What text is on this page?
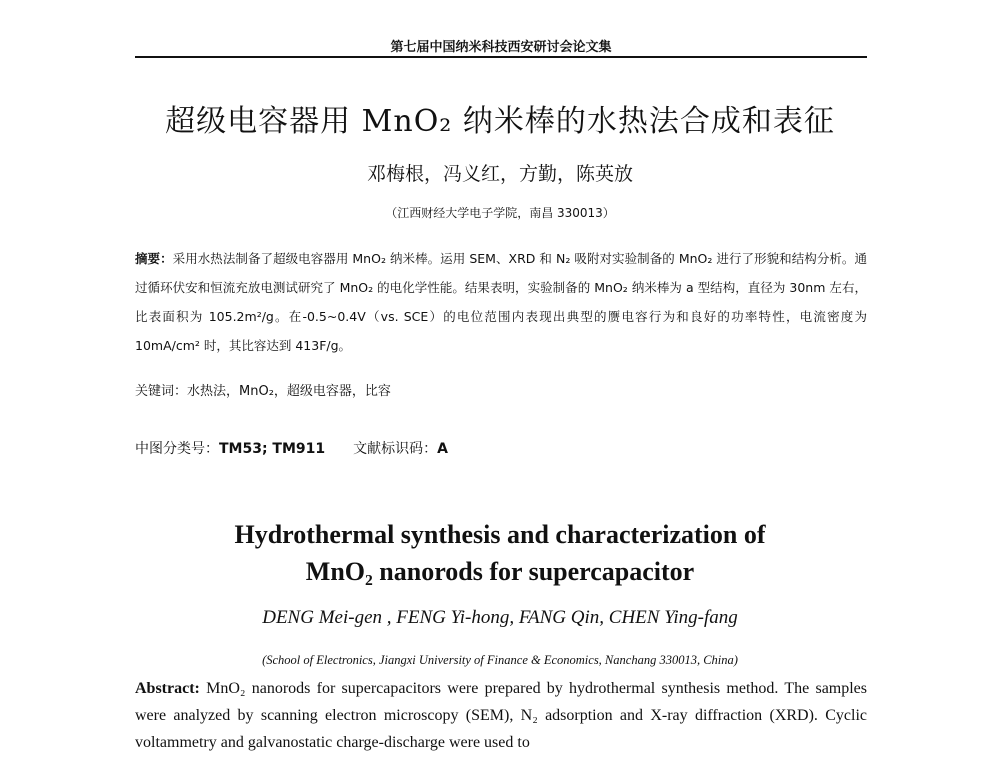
第七届中国纳米科技西安研讨会论文集
超级电容器用 MnO₂ 纳米棒的水热法合成和表征
邓梅根，冯义红，方勤，陈英放
（江西财经大学电子学院，南昌 330013）
摘要：采用水热法制备了超级电容器用 MnO₂ 纳米棒。运用 SEM、XRD 和 N₂ 吸附对实验制备的 MnO₂ 进行了形貌和结构分析。通过循环伏安和恒流充放电测试研究了 MnO₂ 的电化学性能。结果表明，实验制备的 MnO₂ 纳米棒为 a 型结构，直径为 30nm 左右，比表面积为 105.2m²/g。在-0.5~0.4V（vs. SCE）的电位范围内表现出典型的赝电容行为和良好的功率特性，电流密度为 10mA/cm² 时，其比容达到 413F/g。
关键词：水热法，MnO₂，超级电容器，比容
中图分类号：TM53; TM911 文献标识码：A
Hydrothermal synthesis and characterization of
MnO₂ nanorods for supercapacitor
DENG Mei-gen , FENG Yi-hong, FANG Qin, CHEN Ying-fang
(School of Electronics, Jiangxi University of Finance & Economics, Nanchang 330013, China)
Abstract: MnO₂ nanorods for supercapacitors were prepared by hydrothermal synthesis method. The samples were analyzed by scanning electron microscopy (SEM), N₂ adsorption and X-ray diffraction (XRD). Cyclic voltammetry and galvanostatic charge-discharge were used to
